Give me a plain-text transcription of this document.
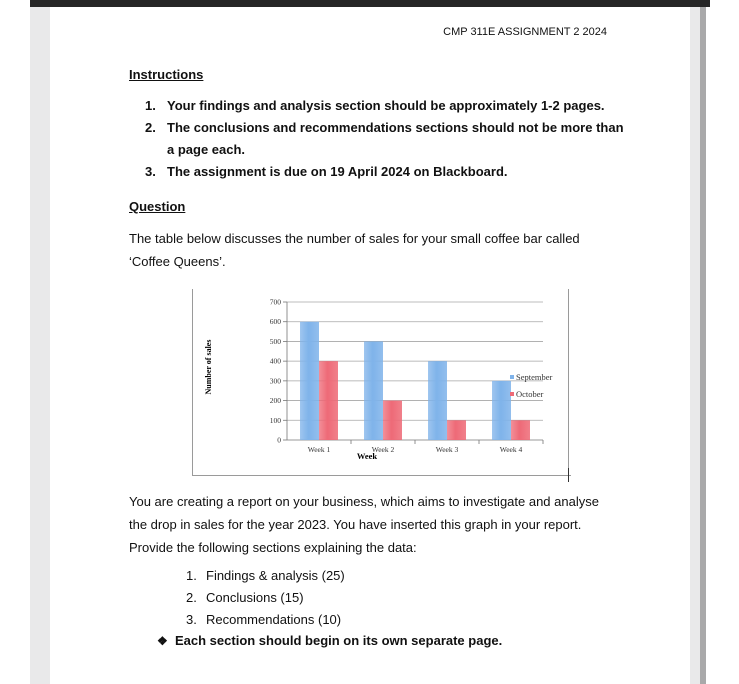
CMP 311E ASSIGNMENT 2 2024
Instructions
1. Your findings and analysis section should be approximately 1-2 pages.
2. The conclusions and recommendations sections should not be more than a page each.
3. The assignment is due on 19 April 2024 on Blackboard.
Question

The table below discusses the number of sales for your small coffee bar called ‘Coffee Queens’.

Number of sales
Week
0
100
200
300
400
500
600
700
Week 1	Week 2	Week 3	Week 4
September
October

You are creating a report on your business, which aims to investigate and analyse the drop in sales for the year 2023. You have inserted this graph in your report. Provide the following sections explaining the data:

1. Findings & analysis (25)
2. Conclusions (15)
3. Recommendations (10)
❖ Each section should begin on its own separate page.
